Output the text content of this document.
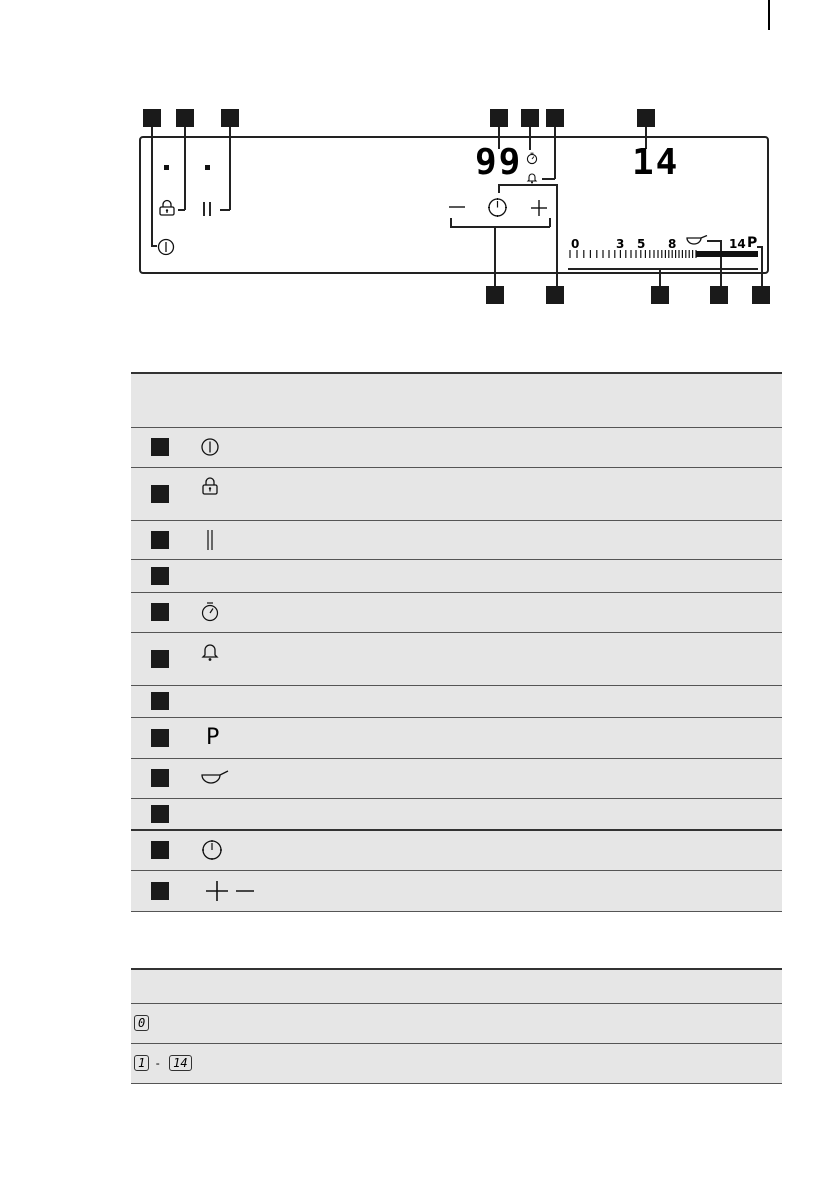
99	14
0	3 5 8	14 P

	P	

0	
1 - 14	
